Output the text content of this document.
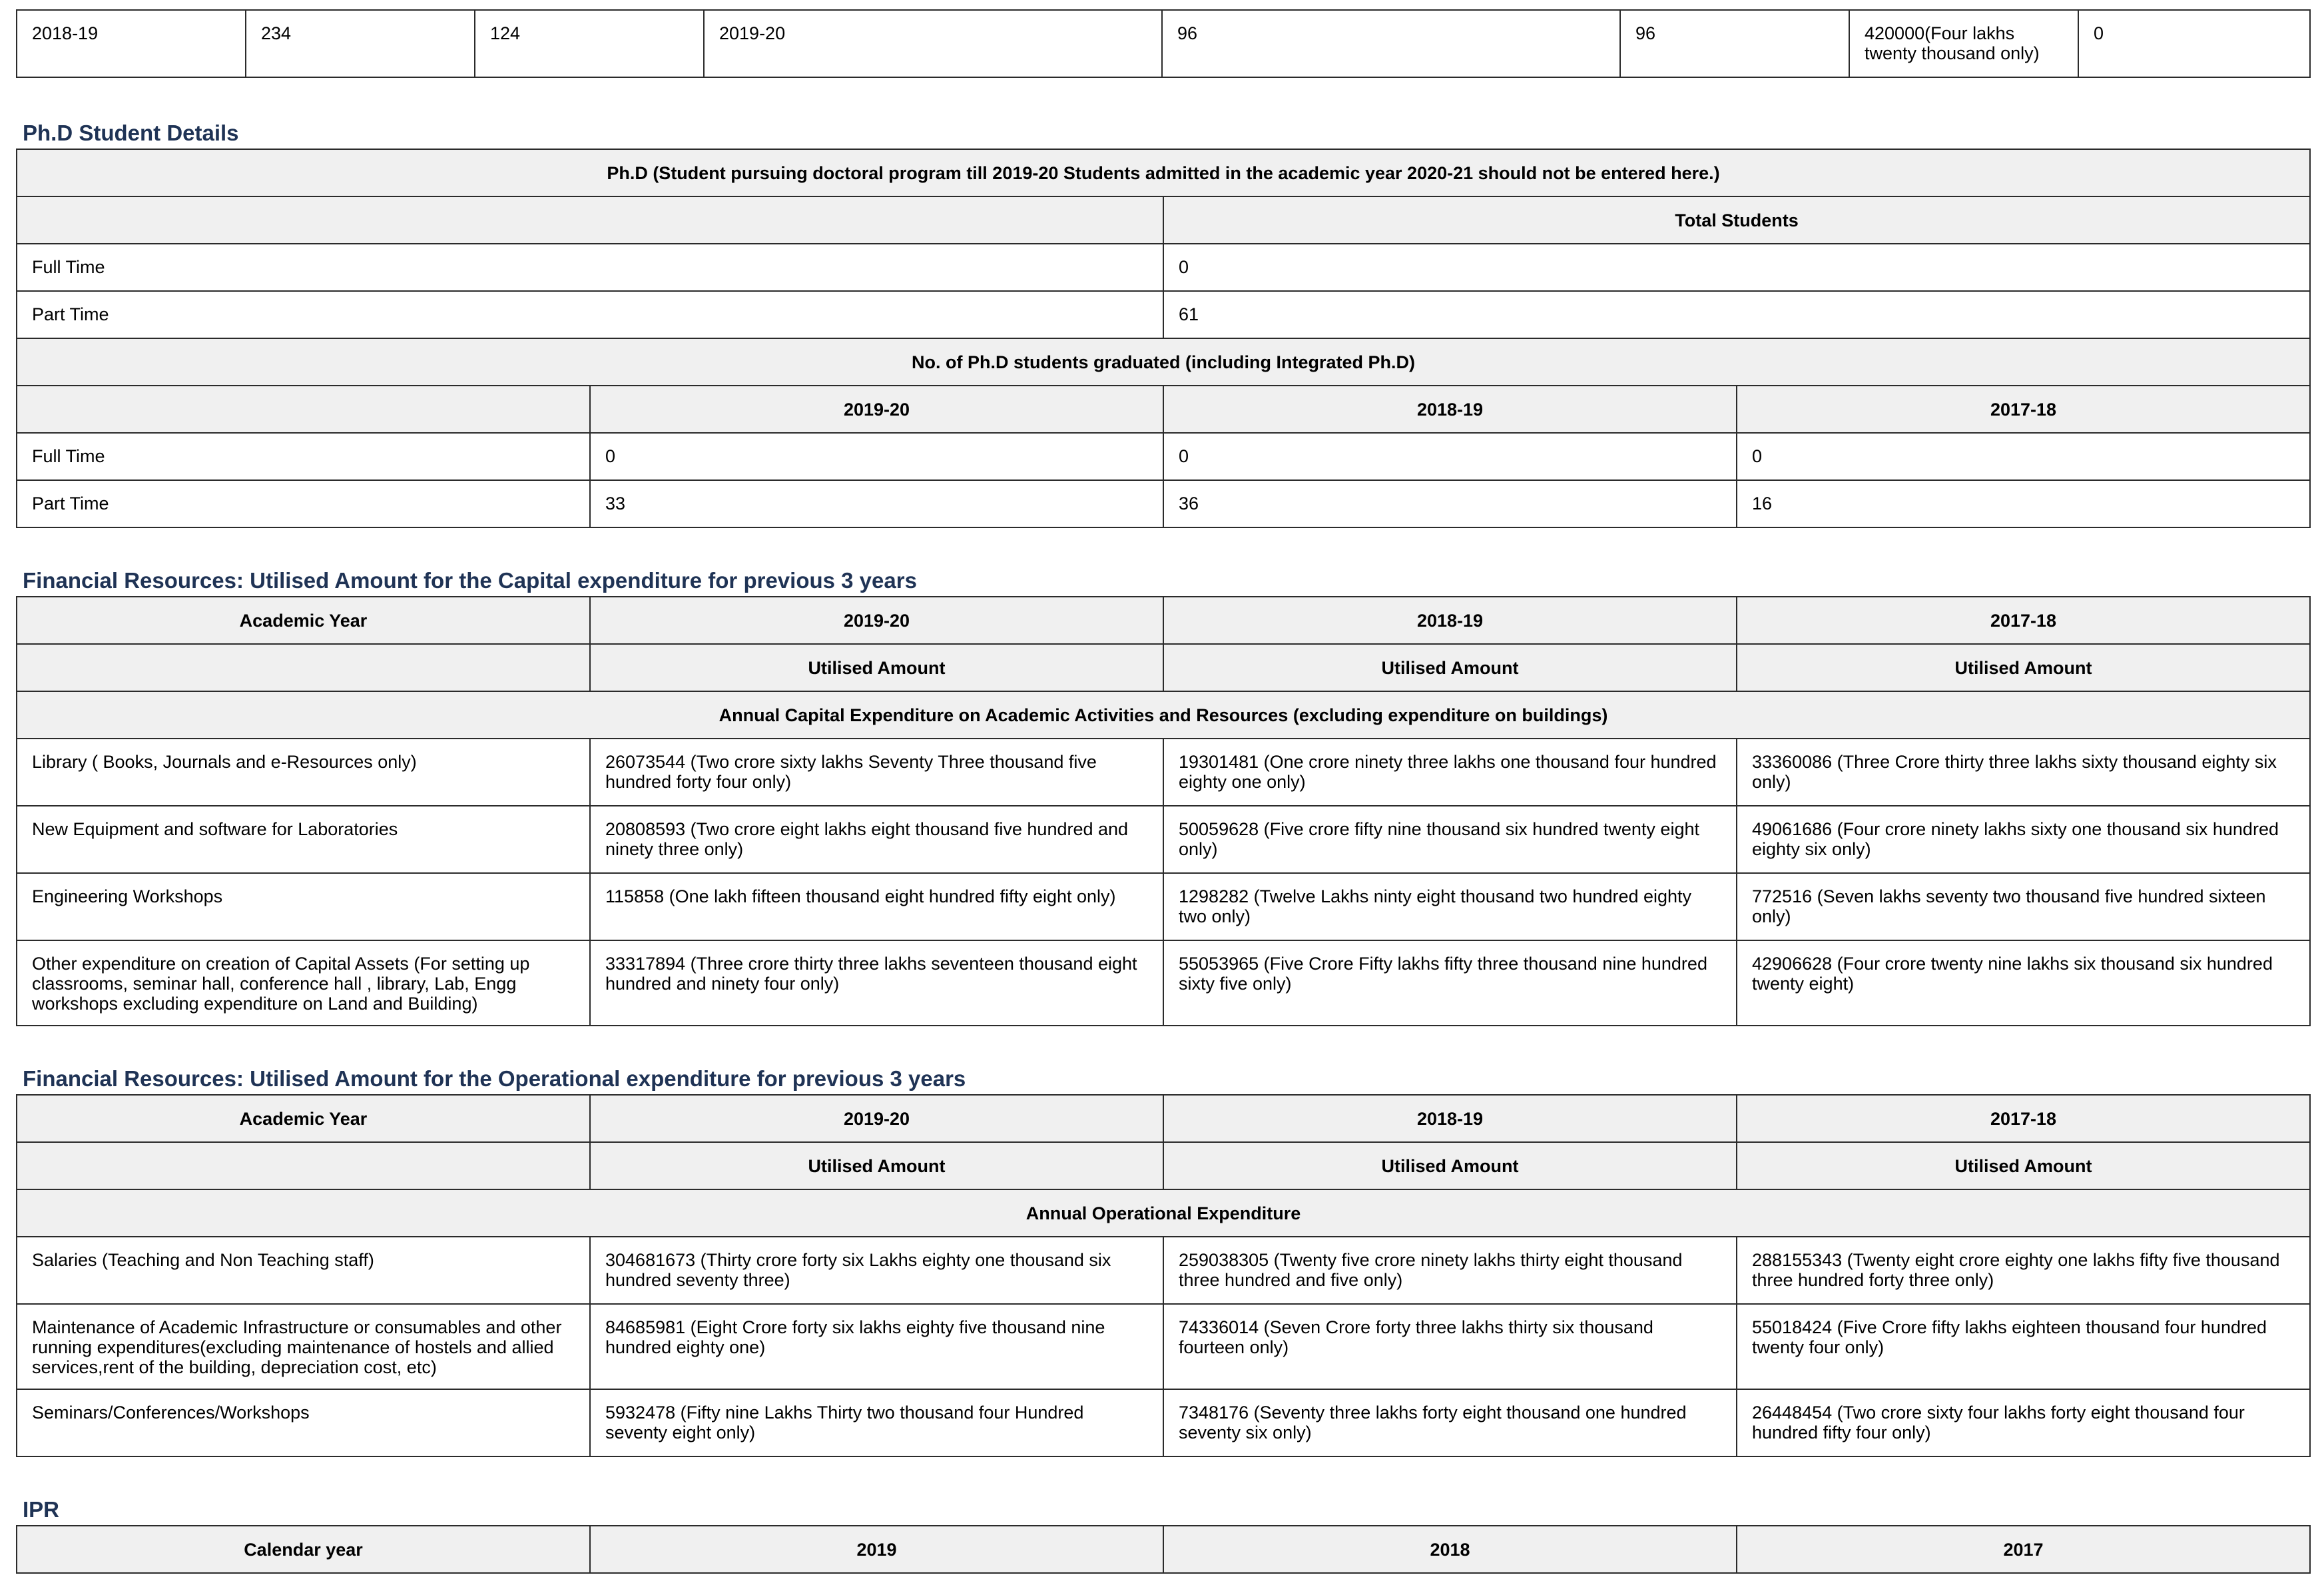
2018-19	234	124	2019-20	96	96	420000(Four lakhs twenty thousand only)	0
Ph.D Student Details
Ph.D (Student pursuing doctoral program till 2019-20 Students admitted in the academic year 2020-21 should not be entered here.)			
		Total Students	
Full Time		0	
Part Time		61	
No. of Ph.D students graduated (including Integrated Ph.D)			
	2019-20	2018-19	2017-18
Full Time	0	0	0
Part Time	33	36	16
Financial Resources: Utilised Amount for the Capital expenditure for previous 3 years
Academic Year	2019-20	2018-19	2017-18
	Utilised Amount	Utilised Amount	Utilised Amount
Annual Capital Expenditure on Academic Activities and Resources (excluding expenditure on buildings)			
Library ( Books, Journals and e-Resources only)	26073544 (Two crore sixty lakhs Seventy Three thousand five hundred forty four only)	19301481 (One crore ninety three lakhs one thousand four hundred eighty one only)	33360086 (Three Crore thirty three lakhs sixty thousand eighty six only)
New Equipment and software for Laboratories	20808593 (Two crore eight lakhs eight thousand five hundred and ninety three only)	50059628 (Five crore fifty nine thousand six hundred twenty eight only)	49061686 (Four crore ninety lakhs sixty one thousand six hundred eighty six only)
Engineering Workshops	115858 (One lakh fifteen thousand eight hundred fifty eight only)	1298282 (Twelve Lakhs ninty eight thousand two hundred eighty two only)	772516 (Seven lakhs seventy two thousand five hundred sixteen only)
Other expenditure on creation of Capital Assets (For setting up classrooms, seminar hall, conference hall , library, Lab, Engg workshops excluding expenditure on Land and Building)	33317894 (Three crore thirty three lakhs seventeen thousand eight hundred and ninety four only)	55053965 (Five Crore Fifty lakhs fifty three thousand nine hundred sixty five only)	42906628 (Four crore twenty nine lakhs six thousand six hundred twenty eight)
Financial Resources: Utilised Amount for the Operational expenditure for previous 3 years
Academic Year	2019-20	2018-19	2017-18
	Utilised Amount	Utilised Amount	Utilised Amount
Annual Operational Expenditure			
Salaries (Teaching and Non Teaching staff)	304681673 (Thirty crore forty six Lakhs eighty one thousand six hundred seventy three)	259038305 (Twenty five crore ninety lakhs thirty eight thousand three hundred and five only)	288155343 (Twenty eight crore eighty one lakhs fifty five thousand three hundred forty three only)
Maintenance of Academic Infrastructure or consumables and other running expenditures(excluding maintenance of hostels and allied services,rent of the building, depreciation cost, etc)	84685981 (Eight Crore forty six lakhs eighty five thousand nine hundred eighty one)	74336014 (Seven Crore forty three lakhs thirty six thousand fourteen only)	55018424 (Five Crore fifty lakhs eighteen thousand four hundred twenty four only)
Seminars/Conferences/Workshops	5932478 (Fifty nine Lakhs Thirty two thousand four Hundred seventy eight only)	7348176 (Seventy three lakhs forty eight thousand one hundred seventy six only)	26448454 (Two crore sixty four lakhs forty eight thousand four hundred fifty four only)
IPR
Calendar year	2019	2018	2017
